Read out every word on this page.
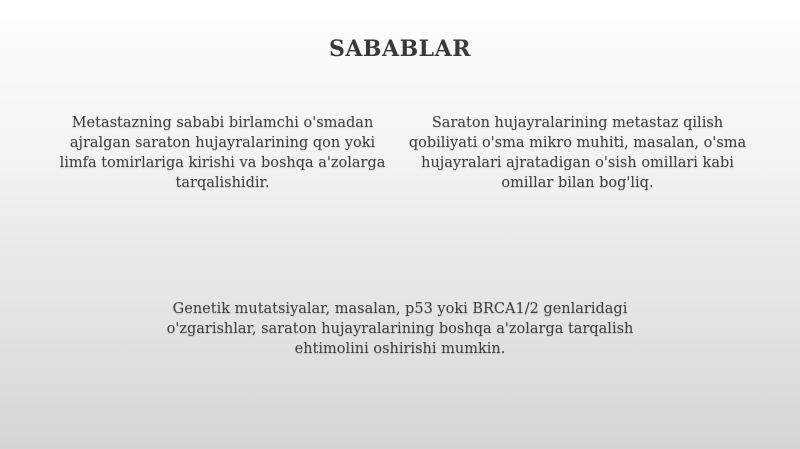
SABABLAR
Metastazning sababi birlamchi o'smadan ajralgan saraton hujayralarining qon yoki limfa tomirlariga kirishi va boshqa a'zolarga tarqalishidir.
Saraton hujayralarining metastaz qilish qobiliyati o'sma mikro muhiti, masalan, o'sma hujayralari ajratadigan o'sish omillari kabi omillar bilan bog'liq.
Genetik mutatsiyalar, masalan, p53 yoki BRCA1/2 genlaridagi o'zgarishlar, saraton hujayralarining boshqa a'zolarga tarqalish ehtimolini oshirishi mumkin.
